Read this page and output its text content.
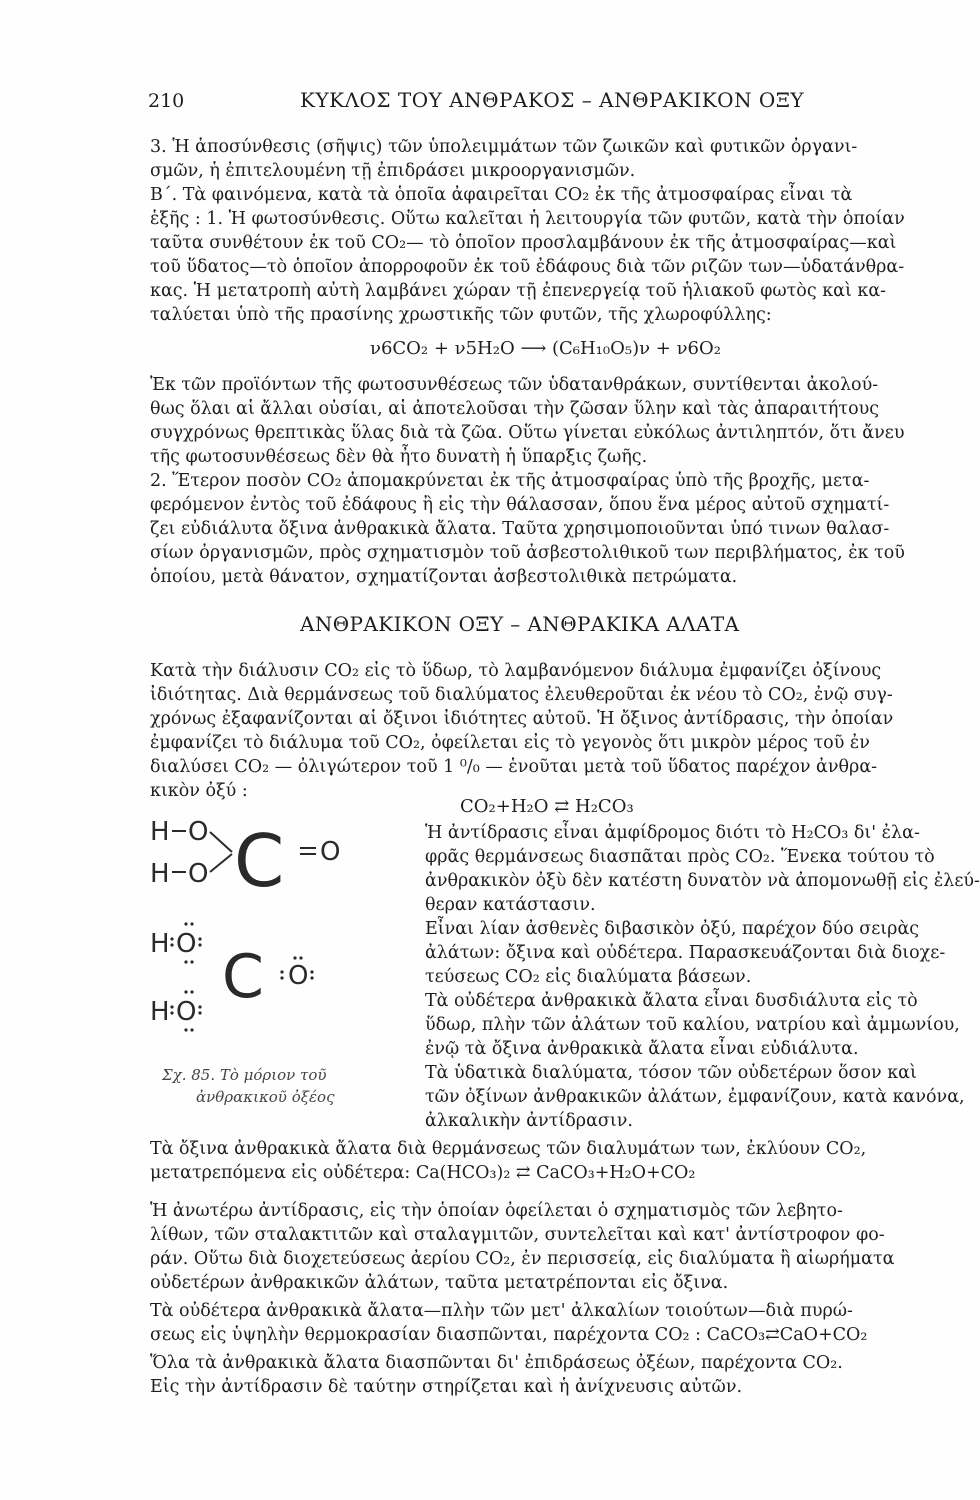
210	ΚΥΚΛΟΣ ΤΟΥ ΑΝΘΡΑΚΟΣ – ΑΝΘΡΑΚΙΚΟΝ ΟΞΥ
3. Ἡ ἀποσύνθεσις (σῆψις) τῶν ὑπολειμμάτων τῶν ζωικῶν καὶ φυτικῶν ὀργανι-
σμῶν, ἡ ἐπιτελουμένη τῇ ἐπιδράσει μικροοργανισμῶν.
Β΄. Τὰ φαινόμενα, κατὰ τὰ ὁποῖα ἀφαιρεῖται CO₂ ἐκ τῆς ἀτμοσφαίρας εἶναι τὰ
ἑξῆς : 1. Ἡ φωτοσύνθεσις. Οὕτω καλεῖται ἡ λειτουργία τῶν φυτῶν, κατὰ τὴν ὁποίαν
ταῦτα συνθέτουν ἐκ τοῦ CO₂— τὸ ὁποῖον προσλαμβάνουν ἐκ τῆς ἀτμοσφαίρας—καὶ
τοῦ ὕδατος—τὸ ὁποῖον ἀπορροφοῦν ἐκ τοῦ ἐδάφους διὰ τῶν ριζῶν των—ὑδατάνθρα-
κας. Ἡ μετατροπὴ αὐτὴ λαμβάνει χώραν τῇ ἐπενεργείᾳ τοῦ ἡλιακοῦ φωτὸς καὶ κα-
ταλύεται ὑπὸ τῆς πρασίνης χρωστικῆς τῶν φυτῶν, τῆς χλωροφύλλης:
ν6CO₂ + ν5H₂O ⟶ (C₆H₁₀O₅)ν + ν6O₂
Ἐκ τῶν προϊόντων τῆς φωτοσυνθέσεως τῶν ὑδατανθράκων, συντίθενται ἀκολού-
θως ὅλαι αἱ ἄλλαι οὐσίαι, αἱ ἀποτελοῦσαι τὴν ζῶσαν ὕλην καὶ τὰς ἀπαραιτήτους
συγχρόνως θρεπτικὰς ὕλας διὰ τὰ ζῶα. Οὕτω γίνεται εὐκόλως ἀντιληπτόν, ὅτι ἄνευ
τῆς φωτοσυνθέσεως δὲν θὰ ἦτο δυνατὴ ἡ ὕπαρξις ζωῆς.
2. Ἕτερον ποσὸν CO₂ ἀπομακρύνεται ἐκ τῆς ἀτμοσφαίρας ὑπὸ τῆς βροχῆς, μετα-
φερόμενον ἐντὸς τοῦ ἐδάφους ἢ εἰς τὴν θάλασσαν, ὅπου ἕνα μέρος αὐτοῦ σχηματί-
ζει εὐδιάλυτα ὄξινα ἀνθρακικὰ ἄλατα. Ταῦτα χρησιμοποιοῦνται ὑπό τινων θαλασ-
σίων ὀργανισμῶν, πρὸς σχηματισμὸν τοῦ ἀσβεστολιθικοῦ των περιβλήματος, ἐκ τοῦ
ὁποίου, μετὰ θάνατον, σχηματίζονται ἀσβεστολιθικὰ πετρώματα.
ΑΝΘΡΑΚΙΚΟΝ ΟΞΥ – ΑΝΘΡΑΚΙΚΑ ΑΛΑΤΑ
Κατὰ τὴν διάλυσιν CO₂ εἰς τὸ ὕδωρ, τὸ λαμβανόμενον διάλυμα ἐμφανίζει ὀξίνους
ἰδιότητας. Διὰ θερμάνσεως τοῦ διαλύματος ἐλευθεροῦται ἐκ νέου τὸ CO₂, ἐνῷ συγ-
χρόνως ἐξαφανίζονται αἱ ὄξινοι ἰδιότητες αὐτοῦ. Ἡ ὄξινος ἀντίδρασις, τὴν ὁποίαν
ἐμφανίζει τὸ διάλυμα τοῦ CO₂, ὀφείλεται εἰς τὸ γεγονὸς ὅτι μικρὸν μέρος τοῦ ἐν
διαλύσει CO₂ — ὀλιγώτερον τοῦ 1 ⁰/₀ — ἑνοῦται μετὰ τοῦ ὕδατος παρέχον ἀνθρα-
κικὸν ὀξύ :
CO₂+H₂O ⇄ H₂CO₃
Ἡ ἀντίδρασις εἶναι ἀμφίδρομος διότι τὸ H₂CO₃ δι' ἐλα-
φρᾶς θερμάνσεως διασπᾶται πρὸς CO₂. Ἕνεκα τούτου τὸ
ἀνθρακικὸν ὀξὺ δὲν κατέστη δυνατὸν νὰ ἀπομονωθῇ εἰς ἐλεύ-
θεραν κατάστασιν.
Εἶναι λίαν ἀσθενὲς διβασικὸν ὀξύ, παρέχον δύο σειρὰς
ἀλάτων: ὄξινα καὶ οὐδέτερα. Παρασκευάζονται διὰ διοχε-
τεύσεως CO₂ εἰς διαλύματα βάσεων.
Τὰ οὐδέτερα ἀνθρακικὰ ἄλατα εἶναι δυσδιάλυτα εἰς τὸ
ὕδωρ, πλὴν τῶν ἀλάτων τοῦ καλίου, νατρίου καὶ ἀμμωνίου,
ἐνῷ τὰ ὄξινα ἀνθρακικὰ ἄλατα εἶναι εὐδιάλυτα.
Τὰ ὑδατικὰ διαλύματα, τόσον τῶν οὐδετέρων ὅσον καὶ
τῶν ὀξίνων ἀνθρακικῶν ἀλάτων, ἐμφανίζουν, κατὰ κανόνα,
ἀλκαλικὴν ἀντίδρασιν.
H O
H O C O
H O C O
H O
Σχ. 85. Τὸ μόριον τοῦ
ἀνθρακικοῦ ὀξέος
Τὰ ὄξινα ἀνθρακικὰ ἄλατα διὰ θερμάνσεως τῶν διαλυμάτων των, ἐκλύουν CO₂,
μετατρεπόμενα εἰς οὐδέτερα: Ca(HCO₃)₂ ⇄ CaCO₃+H₂O+CO₂
Ἡ ἀνωτέρω ἀντίδρασις, εἰς τὴν ὁποίαν ὀφείλεται ὁ σχηματισμὸς τῶν λεβητο-
λίθων, τῶν σταλακτιτῶν καὶ σταλαγμιτῶν, συντελεῖται καὶ κατ' ἀντίστροφον φο-
ράν. Οὕτω διὰ διοχετεύσεως ἀερίου CO₂, ἐν περισσείᾳ, εἰς διαλύματα ἢ αἰωρήματα
οὐδετέρων ἀνθρακικῶν ἀλάτων, ταῦτα μετατρέπονται εἰς ὄξινα.
Τὰ οὐδέτερα ἀνθρακικὰ ἄλατα—πλὴν τῶν μετ' ἀλκαλίων τοιούτων—διὰ πυρώ-
σεως εἰς ὑψηλὴν θερμοκρασίαν διασπῶνται, παρέχοντα CO₂ : CaCO₃⇄CaO+CO₂
Ὅλα τὰ ἀνθρακικὰ ἄλατα διασπῶνται δι' ἐπιδράσεως ὀξέων, παρέχοντα CO₂.
Εἰς τὴν ἀντίδρασιν δὲ ταύτην στηρίζεται καὶ ἡ ἀνίχνευσις αὐτῶν.
